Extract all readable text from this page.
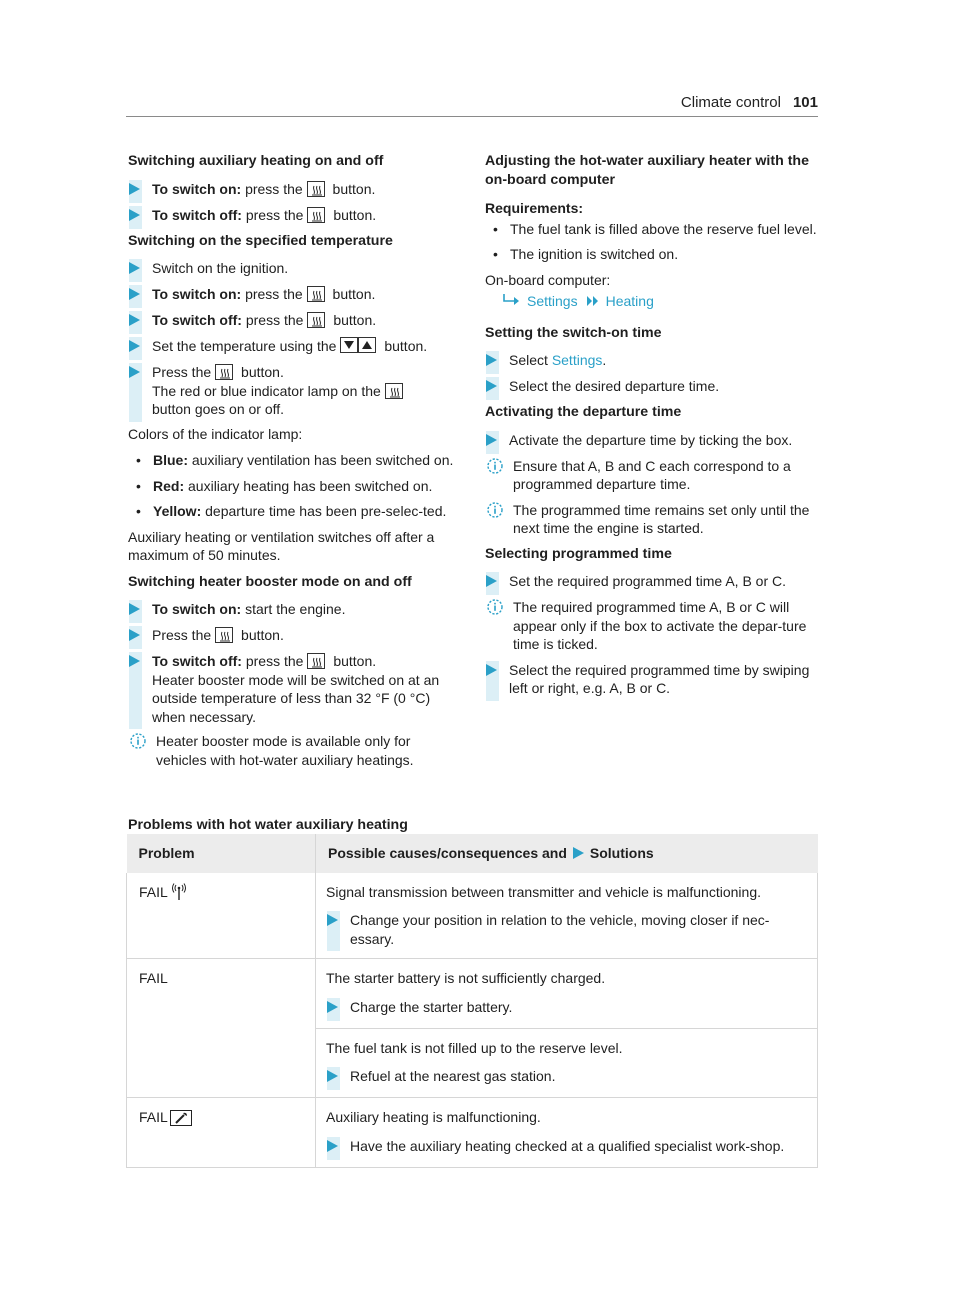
Climate control 101
Switching auxiliary heating on and off
To switch on: press the
button.
To switch off: press the
button.
Switching on the specified temperature
Switch on the ignition.
To switch on: press the
button.
To switch off: press the
button.
Set the temperature using the	button.
Press the
button.
The red or blue indicator lamp on the

button goes on or off.
Colors of the indicator lamp:
• Blue: auxiliary ventilation has been switched on.
• Red: auxiliary heating has been switched on.
• Yellow: departure time has been pre-selec-ted.
Auxiliary heating or ventilation switches off after a maximum of 50 minutes.
Switching heater booster mode on and off
To switch on: start the engine.
Press the
button.
To switch off: press the
button.
Heater booster mode will be switched on at an outside temperature of less than 32 °F (0 °C) when necessary.
Heater booster mode is available only for vehicles with hot-water auxiliary heatings.
Adjusting the hot-water auxiliary heater with the on-board computer
Requirements:
• The fuel tank is filled above the reserve fuel level.
• The ignition is switched on.
On-board computer:
Settings Heating
Setting the switch-on time
Select Settings.
Select the desired departure time.
Activating the departure time
Activate the departure time by ticking the box.
Ensure that A, B and C each correspond to a programmed departure time.
The programmed time remains set only until the next time the engine is started.
Selecting programmed time
Set the required programmed time A, B or C.
The required programmed time A, B or C will appear only if the box to activate the depar-ture time is ticked.
Select the required programmed time by swiping left or right, e.g. A, B or C.
Problems with hot water auxiliary heating
Problem	Possible causes/consequences and Solutions
FAIL	Signal transmission between transmitter and vehicle is malfunctioning.
Change your position in relation to the vehicle, moving closer if nec-essary.

FAIL	The starter battery is not sufficiently charged.
Charge the starter battery.

	The fuel tank is not filled up to the reserve level.
Refuel at the nearest gas station.

FAIL	Auxiliary heating is malfunctioning.
Have the auxiliary heating checked at a qualified specialist work-shop.
